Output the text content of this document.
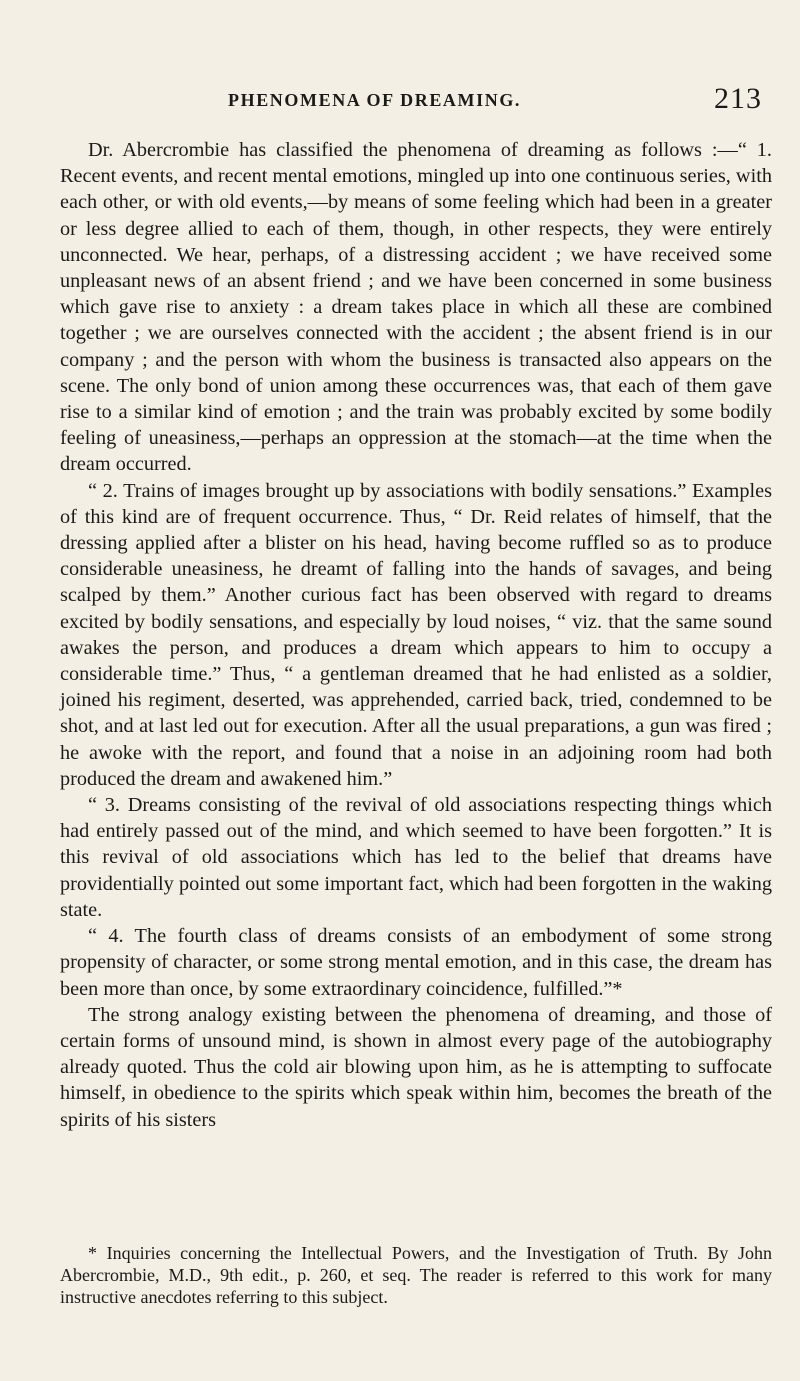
PHENOMENA OF DREAMING.	213

Dr. Abercrombie has classified the phenomena of dreaming as follows :—“ 1. Recent events, and recent mental emotions, mingled up into one continuous series, with each other, or with old events,—by means of some feeling which had been in a greater or less degree allied to each of them, though, in other respects, they were entirely unconnected. We hear, perhaps, of a distressing accident ; we have received some unpleasant news of an absent friend ; and we have been concerned in some business which gave rise to anxiety : a dream takes place in which all these are combined together ; we are ourselves connected with the accident ; the absent friend is in our company ; and the person with whom the business is transacted also appears on the scene. The only bond of union among these occurrences was, that each of them gave rise to a similar kind of emotion ; and the train was probably excited by some bodily feeling of uneasiness,—perhaps an oppression at the stomach—at the time when the dream occurred.

“ 2. Trains of images brought up by associations with bodily sensations.” Examples of this kind are of frequent occurrence. Thus, “ Dr. Reid relates of himself, that the dressing applied after a blister on his head, having become ruffled so as to produce considerable uneasiness, he dreamt of falling into the hands of savages, and being scalped by them.” Another curious fact has been observed with regard to dreams excited by bodily sensations, and especially by loud noises, “ viz. that the same sound awakes the person, and produces a dream which appears to him to occupy a considerable time.” Thus, “ a gentleman dreamed that he had enlisted as a soldier, joined his regiment, deserted, was apprehended, carried back, tried, condemned to be shot, and at last led out for execution. After all the usual preparations, a gun was fired ; he awoke with the report, and found that a noise in an adjoining room had both produced the dream and awakened him.”

“ 3. Dreams consisting of the revival of old associations respecting things which had entirely passed out of the mind, and which seemed to have been forgotten.” It is this revival of old associations which has led to the belief that dreams have providentially pointed out some important fact, which had been forgotten in the waking state.

“ 4. The fourth class of dreams consists of an embodyment of some strong propensity of character, or some strong mental emotion, and in this case, the dream has been more than once, by some extraordinary coincidence, fulfilled.”*

The strong analogy existing between the phenomena of dreaming, and those of certain forms of unsound mind, is shown in almost every page of the autobiography already quoted. Thus the cold air blowing upon him, as he is attempting to suffocate himself, in obedience to the spirits which speak within him, becomes the breath of the spirits of his sisters

* Inquiries concerning the Intellectual Powers, and the Investigation of Truth. By John Abercrombie, M.D., 9th edit., p. 260, et seq. The reader is referred to this work for many instructive anecdotes referring to this subject.
